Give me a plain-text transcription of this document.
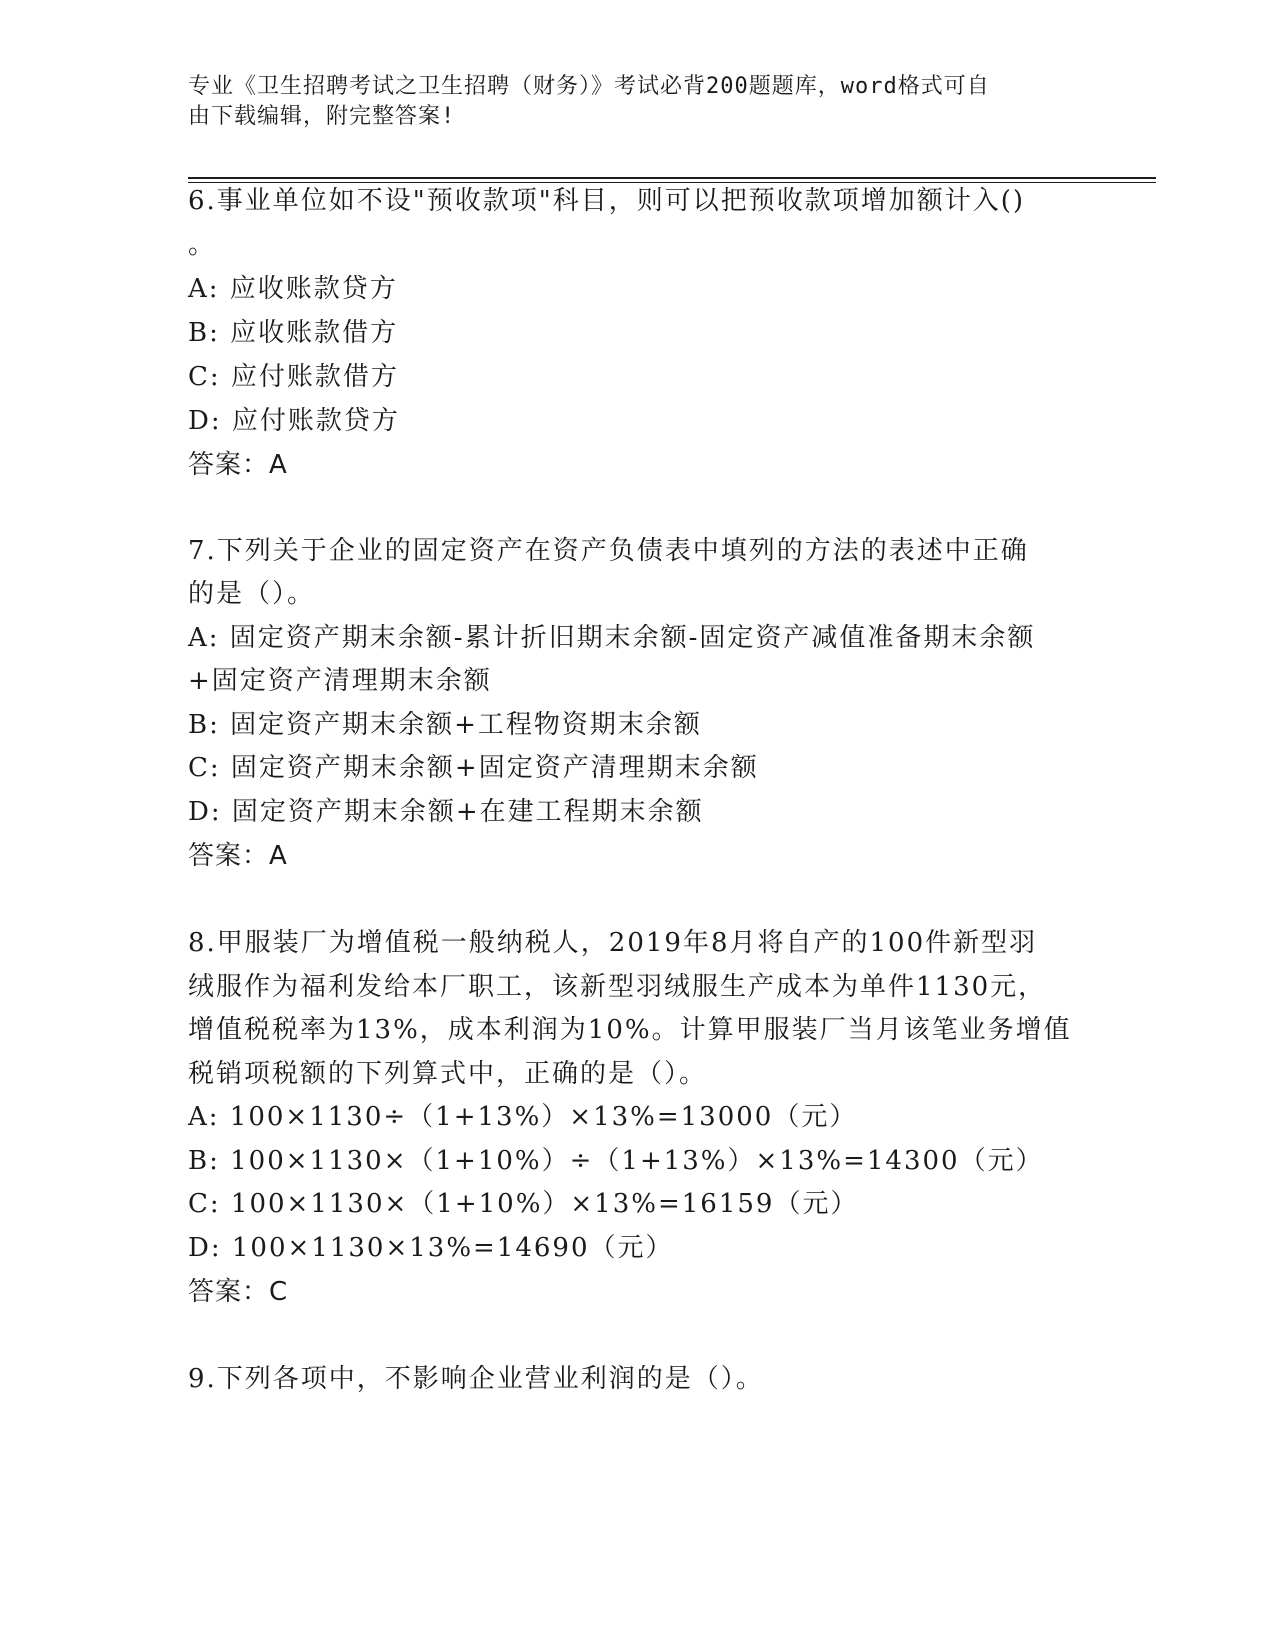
专业《卫生招聘考试之卫生招聘（财务）》考试必背200题题库，word格式可自
由下载编辑，附完整答案!
6.事业单位如不设"预收款项"科目，则可以把预收款项增加额计入()
。
A: 应收账款贷方
B: 应收账款借方
C: 应付账款借方
D: 应付账款贷方
答案：A
7.下列关于企业的固定资产在资产负债表中填列的方法的表述中正确
的是（）。
A: 固定资产期末余额-累计折旧期末余额-固定资产减值准备期末余额
+固定资产清理期末余额
B: 固定资产期末余额+工程物资期末余额
C: 固定资产期末余额+固定资产清理期末余额
D: 固定资产期末余额+在建工程期末余额
答案：A
8.甲服装厂为增值税一般纳税人，2019年8月将自产的100件新型羽
绒服作为福利发给本厂职工，该新型羽绒服生产成本为单件1130元，
增值税税率为13%，成本利润为10%。计算甲服装厂当月该笔业务增值
税销项税额的下列算式中，正确的是（）。
A: 100×1130÷（1+13%）×13%=13000（元）
B: 100×1130×（1+10%）÷（1+13%）×13%=14300（元）
C: 100×1130×（1+10%）×13%=16159（元）
D: 100×1130×13%=14690（元）
答案：C
9.下列各项中，不影响企业营业利润的是（）。
